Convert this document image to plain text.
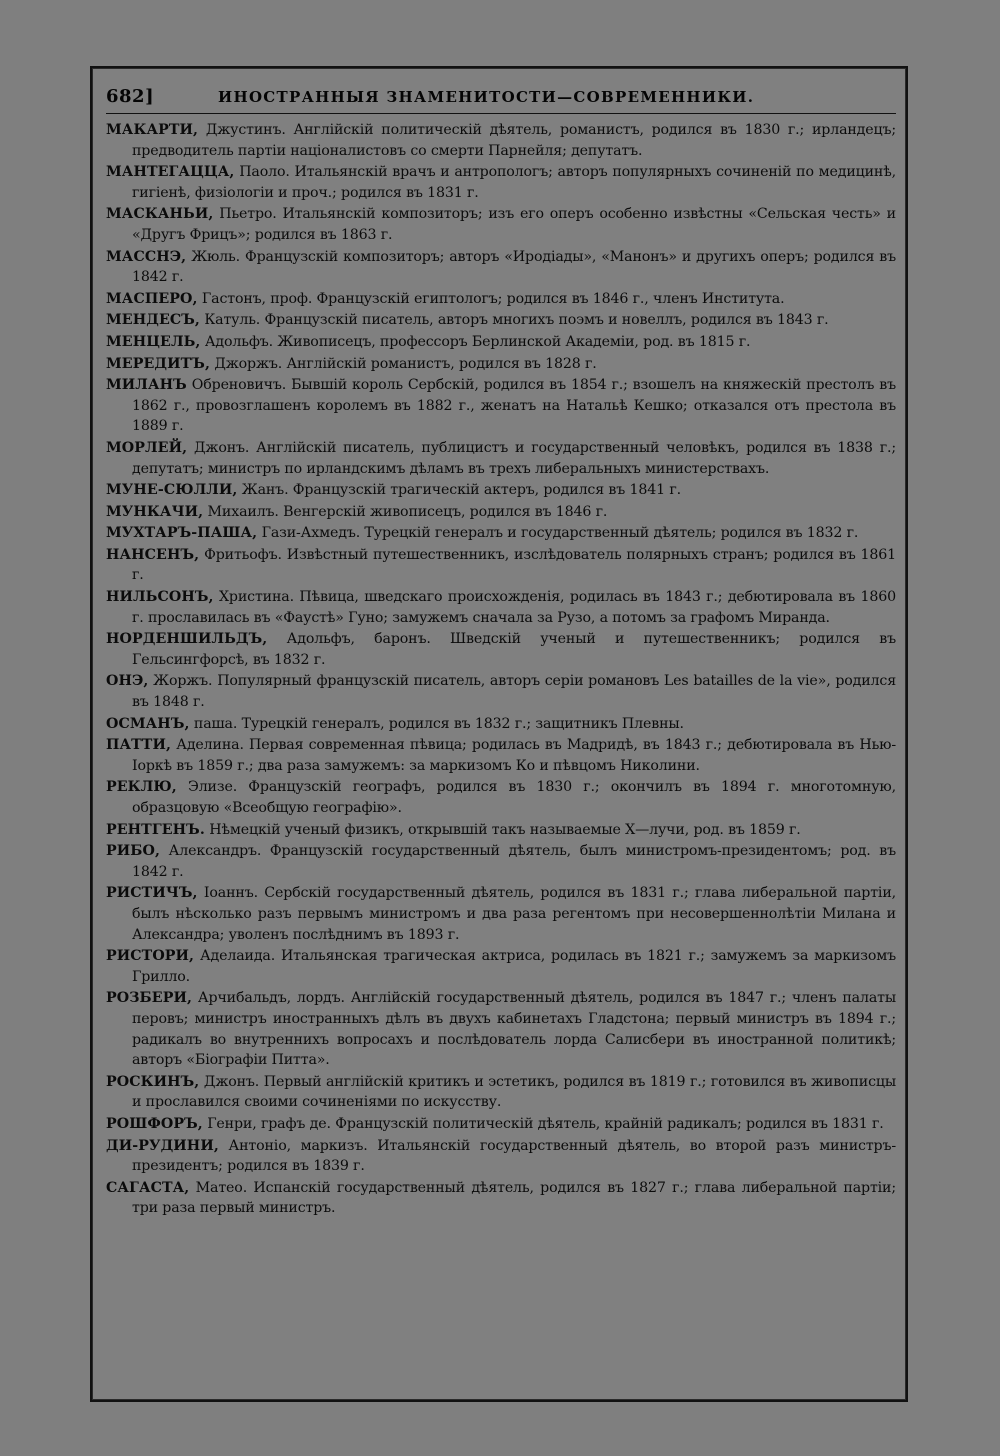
682]	ИНОСТРАННЫЯ ЗНАМЕНИТОСТИ—СОВРЕМЕННИКИ.

МАКАРТИ, Джустинъ. Англійскій политическій дѣятель, романистъ, родился въ 1830 г.; ирландецъ; предводитель партіи націоналистовъ со смерти Парнейля; депутатъ.

МАНТЕГАЦЦА, Паоло. Итальянскій врачъ и антропологъ; авторъ популярныхъ сочиненій по медицинѣ, гигіенѣ, физіологіи и проч.; родился въ 1831 г.

МАСКАНЬИ, Пьетро. Итальянскій композиторъ; изъ его оперъ особенно извѣстны «Сельская честь» и «Другъ Фрицъ»; родился въ 1863 г.

МАССНЭ, Жюль. Французскій композиторъ; авторъ «Иродіады», «Манонъ» и другихъ оперъ; родился въ 1842 г.

МАСПЕРО, Гастонъ, проф. Французскій египтологъ; родился въ 1846 г., членъ Института.

МЕНДЕСЪ, Катуль. Французскій писатель, авторъ многихъ поэмъ и новеллъ, родился въ 1843 г.

МЕНЦЕЛЬ, Адольфъ. Живописецъ, профессоръ Берлинской Академіи, род. въ 1815 г.

МЕРЕДИТЪ, Джоржъ. Англійскій романистъ, родился въ 1828 г.

МИЛАНЪ Обреновичъ. Бывшій король Сербскій, родился въ 1854 г.; взошелъ на княжескій престолъ въ 1862 г., провозглашенъ королемъ въ 1882 г., женатъ на Натальѣ Кешко; отказался отъ престола въ 1889 г.

МОРЛЕЙ, Джонъ. Англійскій писатель, публицистъ и государственный человѣкъ, родился въ 1838 г.; депутатъ; министръ по ирландскимъ дѣламъ въ трехъ либеральныхъ министерствахъ.

МУНЕ-СЮЛЛИ, Жанъ. Французскій трагическій актеръ, родился въ 1841 г.

МУНКАЧИ, Михаилъ. Венгерскій живописецъ, родился въ 1846 г.

МУХТАРЪ-ПАША, Гази-Ахмедъ. Турецкій генералъ и государственный дѣятель; родился въ 1832 г.

НАНСЕНЪ, Фритьофъ. Извѣстный путешественникъ, изслѣдователь полярныхъ странъ; родился въ 1861 г.

НИЛЬСОНЪ, Христина. Пѣвица, шведскаго происхожденія, родилась въ 1843 г.; дебютировала въ 1860 г. прославилась въ «Фаустѣ» Гуно; замужемъ сначала за Рузо, а потомъ за графомъ Миранда.

НОРДЕНШИЛЬДЪ, Адольфъ, баронъ. Шведскій ученый и путешественникъ; родился въ Гельсингфорсѣ, въ 1832 г.

ОНЭ, Жоржъ. Популярный французскій писатель, авторъ серіи романовъ Les batailles de la vie», родился въ 1848 г.

ОСМАНЪ, паша. Турецкій генералъ, родился въ 1832 г.; защитникъ Плевны.

ПАТТИ, Аделина. Первая современная пѣвица; родилась въ Мадридѣ, въ 1843 г.; дебютировала въ Нью-Іоркѣ въ 1859 г.; два раза замужемъ: за маркизомъ Ко и пѣвцомъ Николини.

РЕКЛЮ, Элизе. Французскій географъ, родился въ 1830 г.; окончилъ въ 1894 г. многотомную, образцовую «Всеобщую географію».

РЕНТГЕНЪ. Нѣмецкій ученый физикъ, открывшій такъ называемые X—лучи, род. въ 1859 г.

РИБО, Александръ. Французскій государственный дѣятель, былъ министромъ-президентомъ; род. въ 1842 г.

РИСТИЧЪ, Іоаннъ. Сербскій государственный дѣятель, родился въ 1831 г.; глава либеральной партіи, былъ нѣсколько разъ первымъ министромъ и два раза регентомъ при несовершеннолѣтіи Милана и Александра; уволенъ послѣднимъ въ 1893 г.

РИСТОРИ, Аделаида. Итальянская трагическая актриса, родилась въ 1821 г.; замужемъ за маркизомъ Грилло.

РОЗБЕРИ, Арчибальдъ, лордъ. Англійскій государственный дѣятель, родился въ 1847 г.; членъ палаты перовъ; министръ иностранныхъ дѣлъ въ двухъ кабинетахъ Гладстона; первый министръ въ 1894 г.; радикалъ во внутреннихъ вопросахъ и послѣдователь лорда Салисбери въ иностранной политикѣ; авторъ «Біографіи Питта».

РОСКИНЪ, Джонъ. Первый англійскій критикъ и эстетикъ, родился въ 1819 г.; готовился въ живописцы и прославился своими сочиненіями по искусству.

РОШФОРЪ, Генри, графъ де. Французскій политическій дѣятель, крайній радикалъ; родился въ 1831 г.

ДИ-РУДИНИ, Антоніо, маркизъ. Итальянскій государственный дѣятель, во второй разъ министръ-президентъ; родился въ 1839 г.

САГАСТА, Матео. Испанскій государственный дѣятель, родился въ 1827 г.; глава либеральной партіи; три раза первый министръ.
